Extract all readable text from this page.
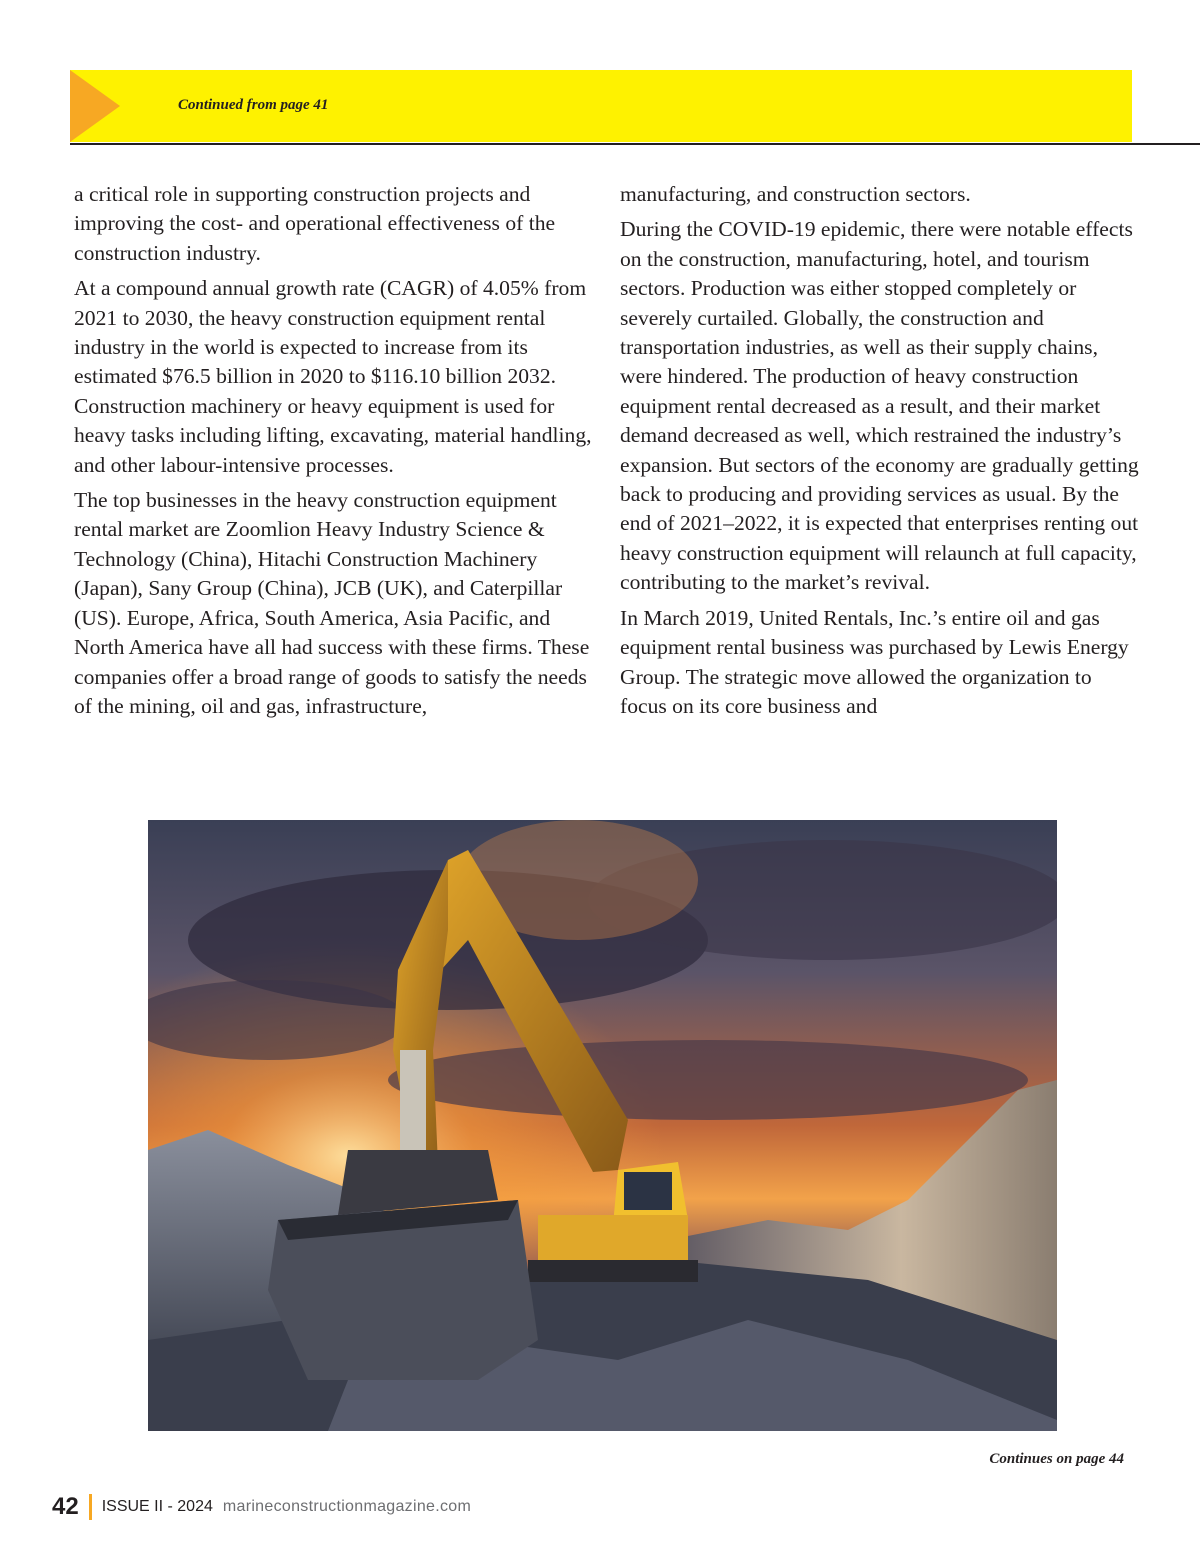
Continued from page 41

a critical role in supporting construction projects and improving the cost- and operational effectiveness of the construction industry.

At a compound annual growth rate (CAGR) of 4.05% from 2021 to 2030, the heavy construction equipment rental industry in the world is expected to increase from its estimated $76.5 billion in 2020 to $116.10 billion 2032. Construction machinery or heavy equipment is used for heavy tasks including lifting, excavating, material handling, and other labour-intensive processes.

The top businesses in the heavy construction equipment rental market are Zoomlion Heavy Industry Science & Technology (China), Hitachi Construction Machinery (Japan), Sany Group (China), JCB (UK), and Caterpillar (US). Europe, Africa, South America, Asia Pacific, and North America have all had success with these firms. These companies offer a broad range of goods to satisfy the needs of the mining, oil and gas, infrastructure,

manufacturing, and construction sectors.

During the COVID-19 epidemic, there were notable effects on the construction, manufacturing, hotel, and tourism sectors. Production was either stopped completely or severely curtailed. Globally, the construction and transportation industries, as well as their supply chains, were hindered. The production of heavy construction equipment rental decreased as a result, and their market demand decreased as well, which restrained the industry’s expansion. But sectors of the economy are gradually getting back to producing and providing services as usual. By the end of 2021–2022, it is expected that enterprises renting out heavy construction equipment will relaunch at full capacity, contributing to the market’s revival.

In March 2019, United Rentals, Inc.’s entire oil and gas equipment rental business was purchased by Lewis Energy Group. The strategic move allowed the organization to focus on its core business and

Continues on page 44
42 ISSUE II - 2024 marineconstructionmagazine.com
